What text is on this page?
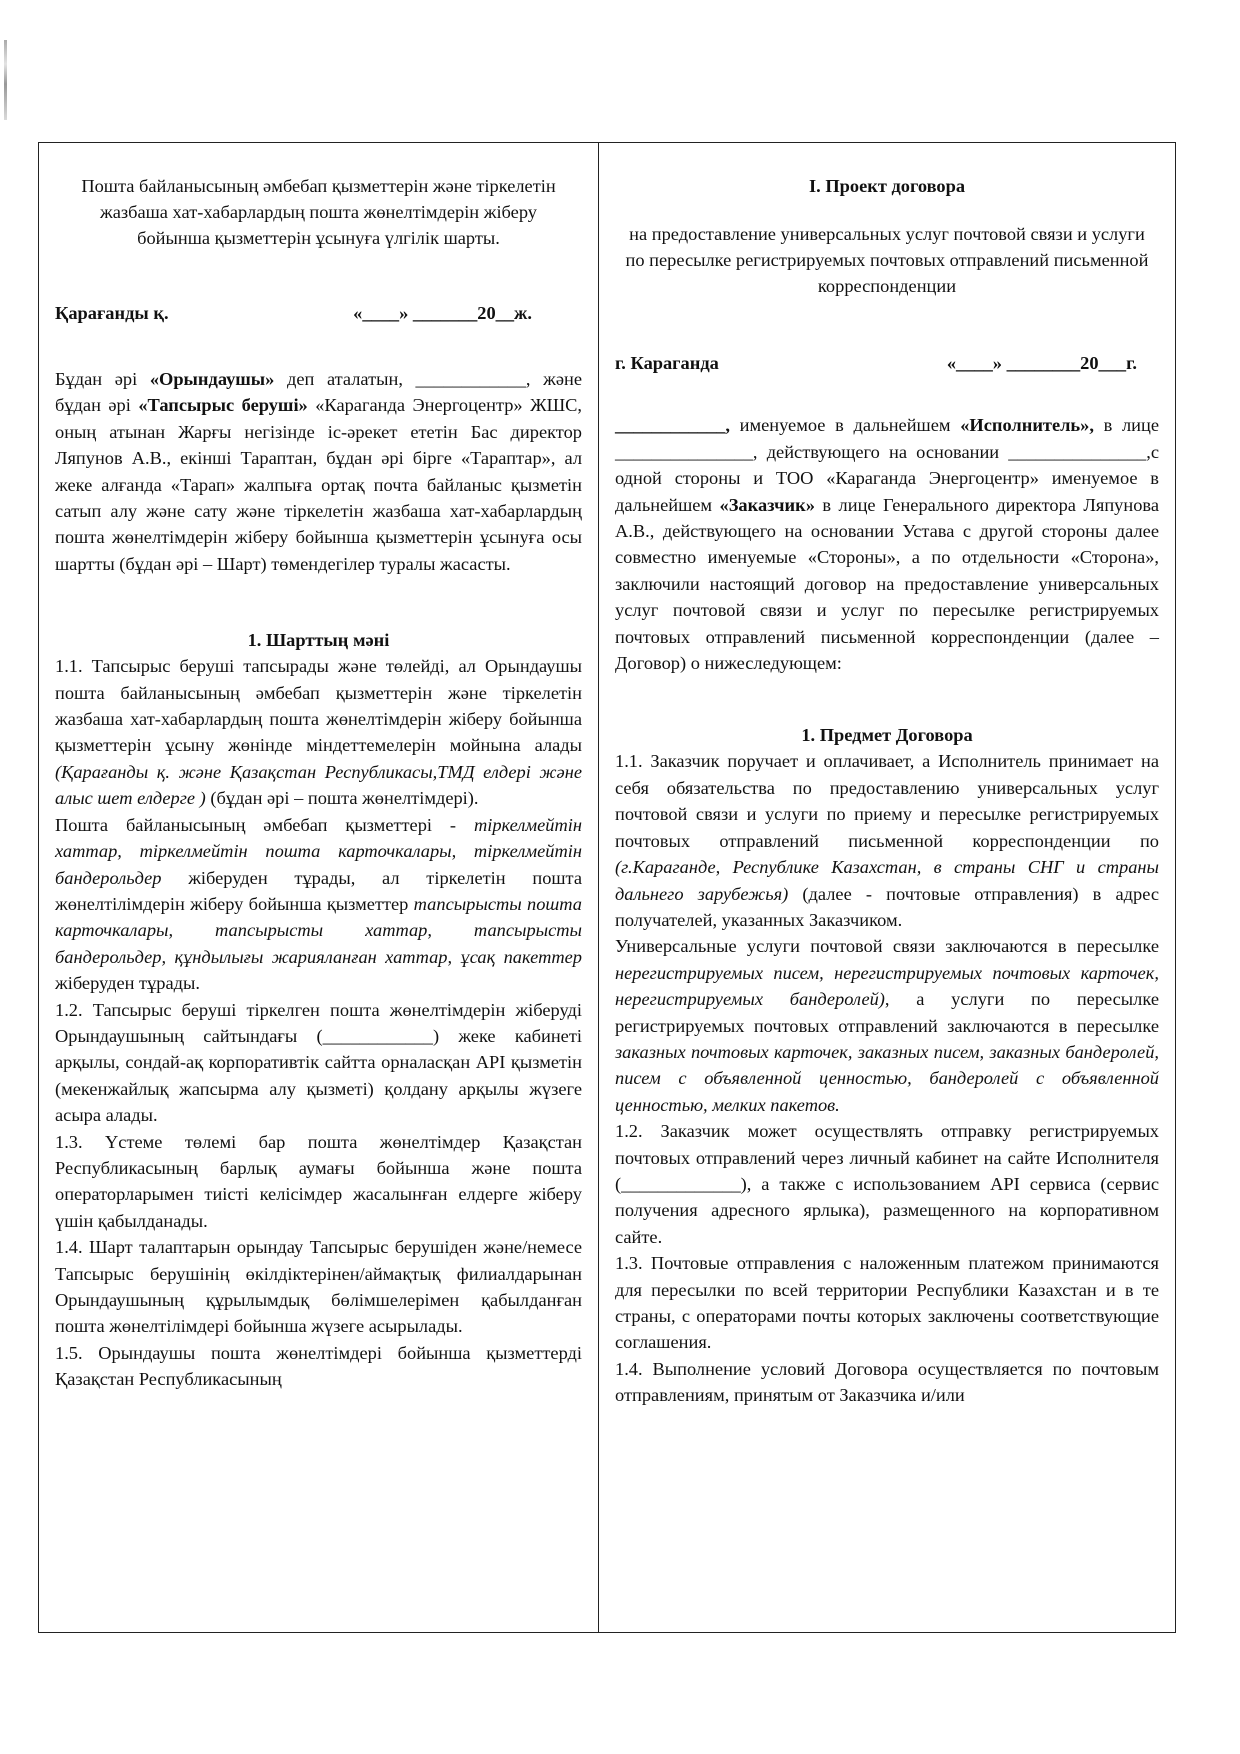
Пошта байланысының әмбебап қызметтерін және тіркелетін жазбаша хат-хабарлардың пошта жөнелтімдерін жіберу бойынша қызметтерін ұсынуға үлгілік шарты.

Қарағанды қ.	«____» _______20__ж.

Бұдан әрі «Орындаушы» деп аталатын, ____________, және бұдан әрі «Тапсырыс берушi» «Караганда Энергоцентр» ЖШС, оның атынан Жарғы негізінде іс-әрекет ететін Бас директор Ляпунов А.В., екінші Тараптан, бұдан әрі бірге «Тараптар», ал жеке алғанда «Тарап» жалпыға ортақ почта байланыс қызметін сатып алу және сату және тіркелетін жазбаша хат-хабарлардың пошта жөнелтімдерін жіберу бойынша қызметтерін ұсынуға осы шартты (бұдан әрі – Шарт) төмендегілер туралы жасасты.

1. Шарттың мәні

1.1. Тапсырыс беруші тапсырады және төлейді, ал Орындаушы пошта байланысының әмбебап қызметтерін және тіркелетін жазбаша хат-хабарлардың пошта жөнелтімдерін жіберу бойынша қызметтерін ұсыну жөнінде міндеттемелерін мойнына алады (Қарағанды қ. және Қазақстан Республикасы,ТМД елдері және алыс шет елдерге ) (бұдан әрі – пошта жөнелтімдері).

Пошта байланысының әмбебап қызметтері - тіркелмейтін хаттар, тіркелмейтін пошта карточкалары, тіркелмейтін бандерольдер жіберуден тұрады, ал тіркелетін пошта жөнелтілімдерін жіберу бойынша қызметтер тапсырысты пошта карточкалары, тапсырысты хаттар, тапсырысты бандерольдер, құндылығы жарияланған хаттар, ұсақ пакеттер жіберуден тұрады.

1.2. Тапсырыс беруші тіркелген пошта жөнелтімдерін жіберуді Орындаушының сайтындағы (____________) жеке кабинеті арқылы, сондай-ақ корпоративтік сайтта орналасқан API қызметін (мекенжайлық жапсырма алу қызметі) қолдану арқылы жүзеге асыра алады.

1.3. Үстеме төлемі бар пошта жөнелтімдер Қазақстан Республикасының барлық аумағы бойынша және пошта операторларымен тиісті келісімдер жасалынған елдерге жіберу үшін қабылданады.

1.4. Шарт талаптарын орындау Тапсырыс берушіден және/немесе Тапсырыс берушінің өкілдіктерінен/аймақтық филиалдарынан Орындаушының құрылымдық бөлімшелерімен қабылданған пошта жөнелтілімдері бойынша жүзеге асырылады.

1.5. Орындаушы пошта жөнелтімдері бойынша қызметтерді Қазақстан Республикасының

I. Проект договора

на предоставление универсальных услуг почтовой связи и услуги по пересылке регистрируемых почтовых отправлений письменной корреспонденции

г. Караганда	«____» ________20___г.

____________, именуемое в дальнейшем «Исполнитель», в лице _______________, действующего на основании _______________,с одной стороны и ТОО «Караганда Энергоцентр» именуемое в дальнейшем «Заказчик» в лице Генерального директора Ляпунова А.В., действующего на основании Устава с другой стороны далее совместно именуемые «Стороны», а по отдельности «Сторона», заключили настоящий договор на предоставление универсальных услуг почтовой связи и услуг по пересылке регистрируемых почтовых отправлений письменной корреспонденции (далее – Договор) о нижеследующем:

1. Предмет Договора

1.1. Заказчик поручает и оплачивает, а Исполнитель принимает на себя обязательства по предоставлению универсальных услуг почтовой связи и услуги по приему и пересылке регистрируемых почтовых отправлений письменной корреспонденции по (г.Караганде, Республике Казахстан, в страны СНГ и страны дальнего зарубежья) (далее - почтовые отправления) в адрес получателей, указанных Заказчиком.

Универсальные услуги почтовой связи заключаются в пересылке нерегистрируемых писем, нерегистрируемых почтовых карточек, нерегистрируемых бандеролей), а услуги по пересылке регистрируемых почтовых отправлений заключаются в пересылке заказных почтовых карточек, заказных писем, заказных бандеролей, писем с объявленной ценностью, бандеролей с объявленной ценностью, мелких пакетов.

1.2. Заказчик может осуществлять отправку регистрируемых почтовых отправлений через личный кабинет на сайте Исполнителя (_____________), а также с использованием API сервиса (сервис получения адресного ярлыка), размещенного на корпоративном сайте.

1.3. Почтовые отправления с наложенным платежом принимаются для пересылки по всей территории Республики Казахстан и в те страны, с операторами почты которых заключены соответствующие соглашения.

1.4. Выполнение условий Договора осуществляется по почтовым отправлениям, принятым от Заказчика и/или
